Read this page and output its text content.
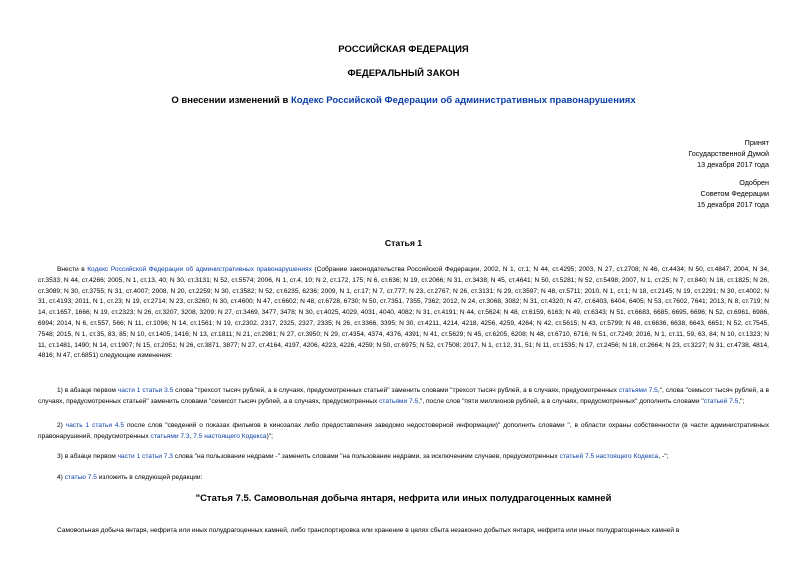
РОССИЙСКАЯ ФЕДЕРАЦИЯ
ФЕДЕРАЛЬНЫЙ ЗАКОН
О внесении изменений в Кодекс Российской Федерации об административных правонарушениях
Принят
Государственной Думой
13 декабря 2017 года
Одобрен
Советом Федерации
15 декабря 2017 года
Статья 1
Внести в Кодекс Российской Федерации об административных правонарушениях (Собрание законодательства Российской Федерации, 2002, N 1, ст.1; N 44, ст.4295; 2003, N 27, ст.2708; N 46, ст.4434; N 50, ст.4847; 2004, N 34, ст.3533; N 44, ст.4266; 2005, N 1, ст.13, 40; N 30, ст.3131; N 52, ст.5574; 2006, N 1, ст.4, 10; N 2, ст.172, 175; N 6, ст.636; N 19, ст.2066; N 31, ст.3438; N 45, ст.4641; N 50, ст.5281; N 52, ст.5498; 2007, N 1, ст.25; N 7, ст.840; N 16, ст.1825; N 26, ст.3089; N 30, ст.3755; N 31, ст.4007; 2008, N 20, ст.2259; N 30, ст.3582; N 52, ст.6235, 6236; 2009, N 1, ст.17; N 7, ст.777; N 23, ст.2767; N 26, ст.3131; N 29, ст.3597; N 48, ст.5711; 2010, N 1, ст.1; N 18, ст.2145; N 19, ст.2291; N 30, ст.4002; N 31, ст.4193; 2011, N 1, ст.23; N 19, ст.2714; N 23, ст.3260; N 30, ст.4600; N 47, ст.6602; N 48, ст.6728, 6730; N 50, ст.7351, 7355, 7362; 2012, N 24, ст.3068, 3082; N 31, ст.4320; N 47, ст.6403, 6404, 6405; N 53, ст.7602, 7641; 2013, N 8, ст.719; N 14, ст.1657, 1666; N 19, ст.2323; N 26, ст.3207, 3208, 3209; N 27, ст.3469, 3477, 3478; N 30, ст.4025, 4029, 4031, 4040, 4082; N 31, ст.4191; N 44, ст.5624; N 48, ст.6159, 6163; N 49, ст.6343; N 51, ст.6683, 6685, 6695, 6696; N 52, ст.6961, 6986, 6994; 2014, N 6, ст.557, 566; N 11, ст.1096; N 14, ст.1561; N 19, ст.2302, 2317, 2325, 2327, 2335; N 26, ст.3366, 3395; N 30, ст.4211, 4214, 4218, 4256, 4259, 4264; N 42, ст.5615; N 43, ст.5799; N 48, ст.6636, 6638, 6643, 6651; N 52, ст.7545, 7548; 2015, N 1, ст.35, 83, 85; N 10, ст.1405, 1416; N 13, ст.1811; N 21, ст.2981; N 27, ст.3950; N 29, ст.4354, 4374, 4376, 4391; N 41, ст.5629; N 45, ст.6205, 6208; N 48, ст.6710, 6716; N 51, ст.7249; 2016, N 1, ст.11, 59, 63, 84; N 10, ст.1323; N 11, ст.1481, 1490; N 14, ст.1907; N 15, ст.2051; N 26, ст.3871, 3877; N 27, ст.4164, 4197, 4206, 4223, 4226, 4259; N 50, ст.6975; N 52, ст.7508; 2017, N 1, ст.12, 31, 51; N 11, ст.1535; N 17, ст.2456; N 18, ст.2664; N 23, ст.3227; N 31, ст.4738, 4814, 4816; N 47, ст.6851) следующие изменения:
1) в абзаце первом части 1 статьи 3.5 слова "трехсот тысяч рублей, а в случаях, предусмотренных статьей" заменить словами "трехсот тысяч рублей, а в случаях, предусмотренных статьями 7.5,", слова "семьсот тысяч рублей, а в случаях, предусмотренных статьей" заменить словами "семисот тысяч рублей, а в случаях, предусмотренных статьями 7.5,", после слов "пяти миллионов рублей, а в случаях, предусмотренных" дополнить словами "статьей 7.5,";
2) часть 1 статьи 4.5 после слов "сведений о показах фильмов в кинозалах либо предоставления заведомо недостоверной информации)" дополнить словами ", в области охраны собственности (в части административных правонарушений, предусмотренных статьями 7.3, 7.5 настоящего Кодекса)";
3) в абзаце первом части 1 статьи 7.3 слова "на пользование недрами -" заменить словами "на пользование недрами, за исключением случаев, предусмотренных статьей 7.5 настоящего Кодекса, -";
4) статью 7.5 изложить в следующей редакции:
"Статья 7.5. Самовольная добыча янтаря, нефрита или иных полудрагоценных камней
Самовольная добыча янтаря, нефрита или иных полудрагоценных камней, либо транспортировка или хранение в целях сбыта незаконно добытых янтаря, нефрита или иных полудрагоценных камней в
